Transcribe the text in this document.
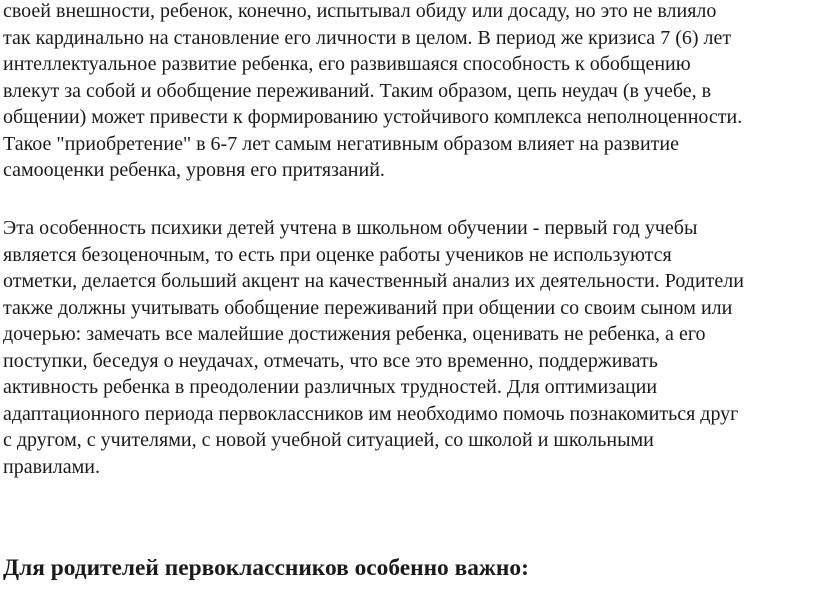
своей внешности, ребенок, конечно, испытывал обиду или досаду, но это не влияло
так кардинально на становление его личности в целом. В период же кризиса 7 (6) лет
интеллектуальное развитие ребенка, его развившаяся способность к обобщению
влекут за собой и обобщение переживаний. Таким образом, цепь неудач (в учебе, в
общении) может привести к формированию устойчивого комплекса неполноценности.
Такое "приобретение" в 6-7 лет самым негативным образом влияет на развитие
самооценки ребенка, уровня его притязаний.

Эта особенность психики детей учтена в школьном обучении - первый год учебы
является безоценочным, то есть при оценке работы учеников не используются
отметки, делается больший акцент на качественный анализ их деятельности. Родители
также должны учитывать обобщение переживаний при общении со своим сыном или
дочерью: замечать все малейшие достижения ребенка, оценивать не ребенка, а его
поступки, беседуя о неудачах, отмечать, что все это временно, поддерживать
активность ребенка в преодолении различных трудностей. Для оптимизации
адаптационного периода первоклассников им необходимо помочь познакомиться друг
с другом, с учителями, с новой учебной ситуацией, со школой и школьными
правилами.

Для родителей первоклассников особенно важно:
